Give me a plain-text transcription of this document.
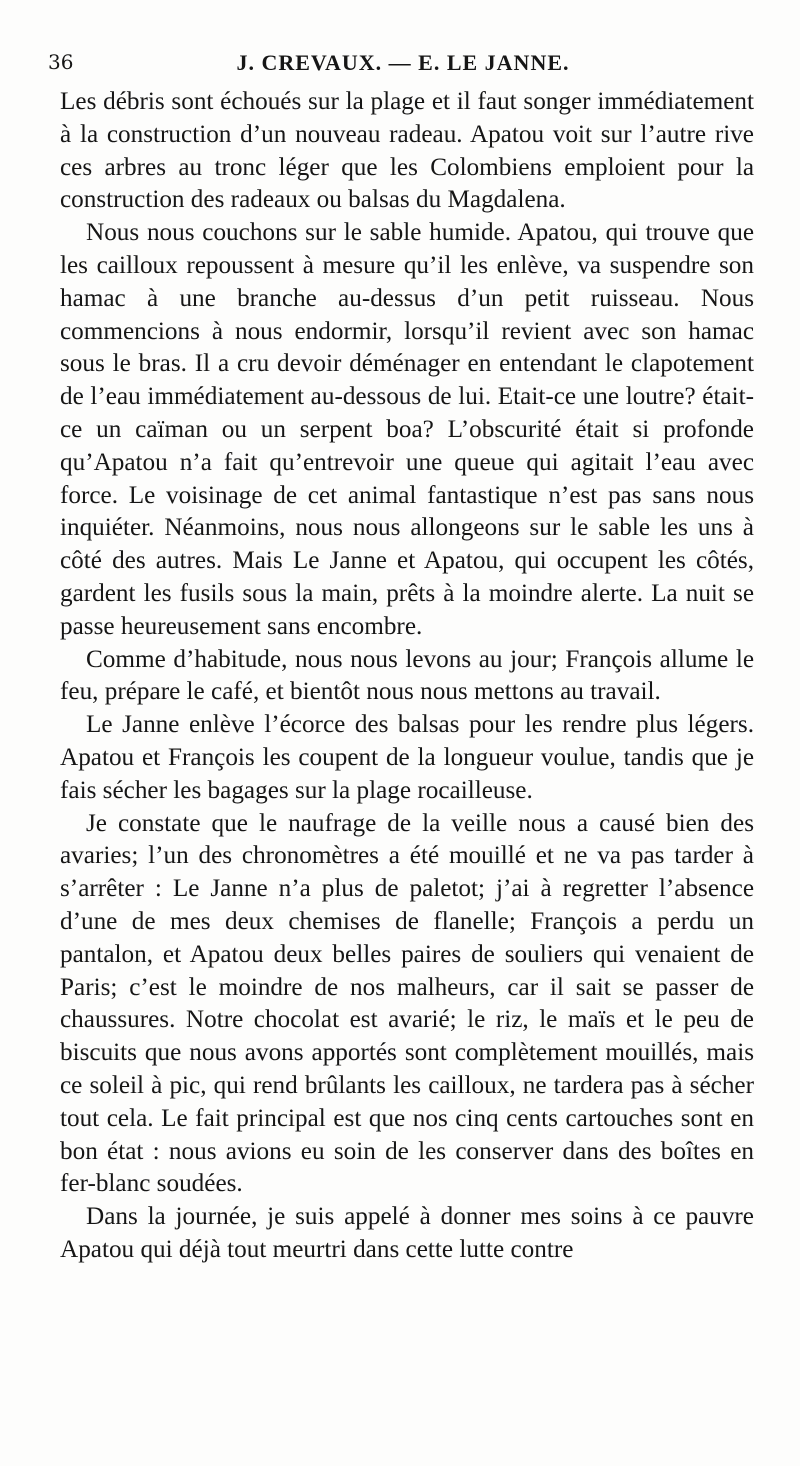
36	J. CREVAUX. — E. LE JANNE.

Les débris sont échoués sur la plage et il faut songer immédiatement à la construction d’un nouveau radeau. Apatou voit sur l’autre rive ces arbres au tronc léger que les Colombiens emploient pour la construction des radeaux ou balsas du Magdalena.

Nous nous couchons sur le sable humide. Apatou, qui trouve que les cailloux repoussent à mesure qu’il les enlève, va suspendre son hamac à une branche au-dessus d’un petit ruisseau. Nous commencions à nous endormir, lorsqu’il revient avec son hamac sous le bras. Il a cru devoir déménager en entendant le clapotement de l’eau immédiatement au-dessous de lui. Etait-ce une loutre? était-ce un caïman ou un serpent boa? L’obscurité était si profonde qu’Apatou n’a fait qu’entrevoir une queue qui agitait l’eau avec force. Le voisinage de cet animal fantastique n’est pas sans nous inquiéter. Néanmoins, nous nous allongeons sur le sable les uns à côté des autres. Mais Le Janne et Apatou, qui occupent les côtés, gardent les fusils sous la main, prêts à la moindre alerte. La nuit se passe heureusement sans encombre.

Comme d’habitude, nous nous levons au jour; François allume le feu, prépare le café, et bientôt nous nous mettons au travail.

Le Janne enlève l’écorce des balsas pour les rendre plus légers. Apatou et François les coupent de la longueur voulue, tandis que je fais sécher les bagages sur la plage rocailleuse.

Je constate que le naufrage de la veille nous a causé bien des avaries; l’un des chronomètres a été mouillé et ne va pas tarder à s’arrêter : Le Janne n’a plus de paletot; j’ai à regretter l’absence d’une de mes deux chemises de flanelle; François a perdu un pantalon, et Apatou deux belles paires de souliers qui venaient de Paris; c’est le moindre de nos malheurs, car il sait se passer de chaussures. Notre chocolat est avarié; le riz, le maïs et le peu de biscuits que nous avons apportés sont complètement mouillés, mais ce soleil à pic, qui rend brûlants les cailloux, ne tardera pas à sécher tout cela. Le fait principal est que nos cinq cents cartouches sont en bon état : nous avions eu soin de les conserver dans des boîtes en fer-blanc soudées.

Dans la journée, je suis appelé à donner mes soins à ce pauvre Apatou qui déjà tout meurtri dans cette lutte contre
